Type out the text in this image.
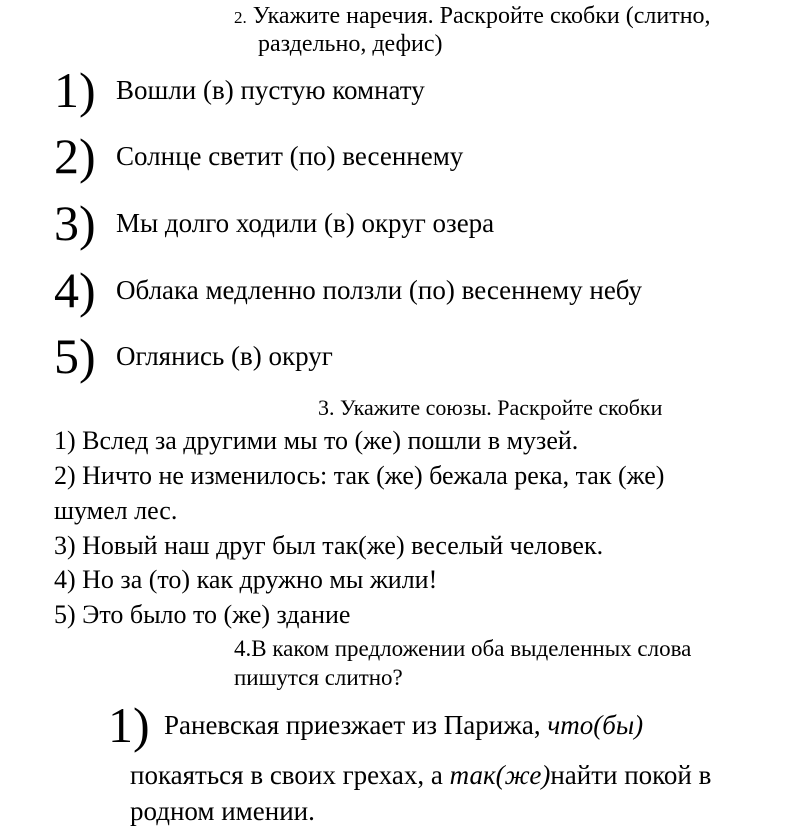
2. Укажите наречия. Раскройте скобки (слитно,
раздельно, дефис)
1) Вошли (в) пустую комнату
2) Солнце светит (по) весеннему
3) Мы долго ходили (в) округ озера
4) Облака медленно ползли (по) весеннему небу
5) Оглянись (в) округ
3. Укажите союзы. Раскройте скобки
1) Вслед за другими мы то (же) пошли в музей.
2) Ничто не изменилось: так (же) бежала река, так (же)
шумел лес.
3) Новый наш друг был так(же) веселый человек.
4) Но за (то) как дружно мы жили!
5) Это было то (же) здание
4.В каком предложении оба выделенных слова
пишутся слитно?
1) Раневская приезжает из Парижа, что(бы)
покаяться в своих грехах, а так(же)найти покой в
родном имении.
